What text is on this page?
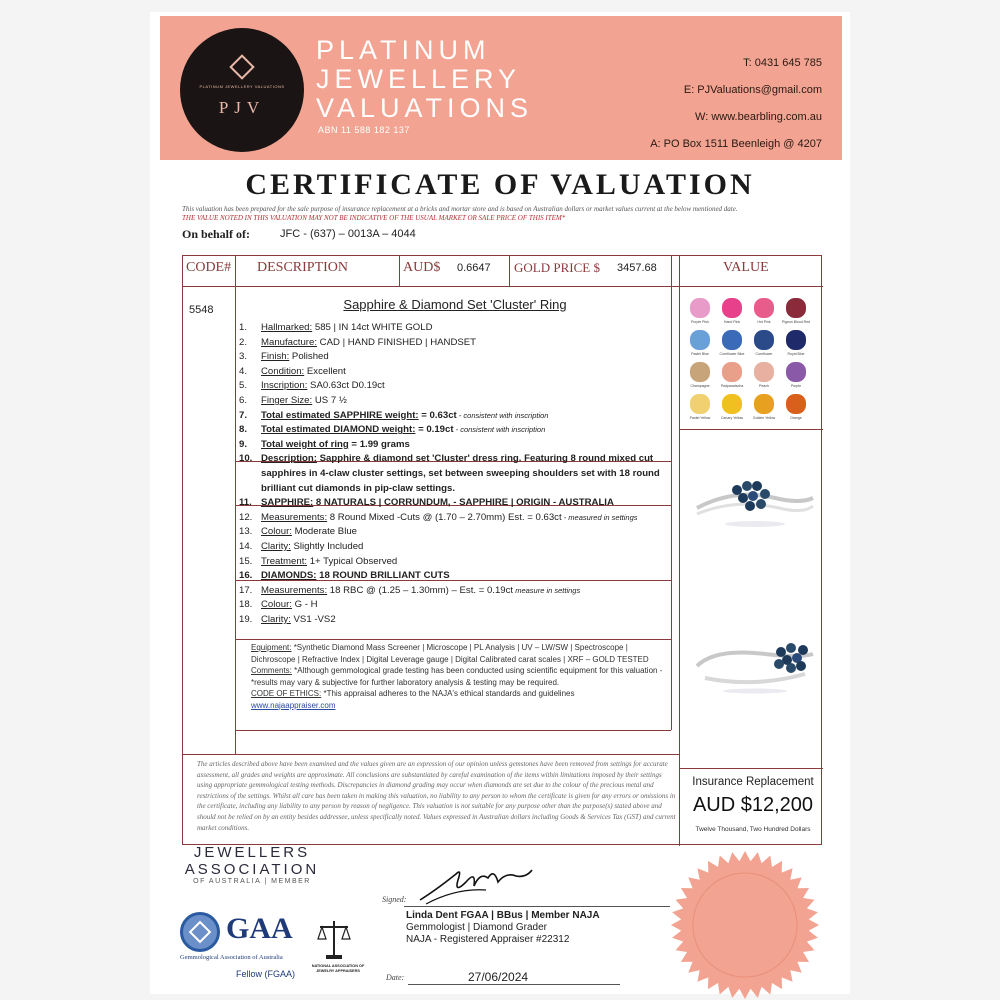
PLATINUM JEWELLERY VALUATIONS
PJV
PLATINUM
JEWELLERY
VALUATIONS
ABN 11 588 182 137
T: 0431 645 785
E: PJValuations@gmail.com
W: www.bearbling.com.au
A: PO Box 1511 Beenleigh @ 4207
CERTIFICATE OF VALUATION
This valuation has been prepared for the sale purpose of insurance replacement at a bricks and mortar store and is based on Australian dollars or market values current at the below mentioned date.
THE VALUE NOTED IN THIS VALUATION MAY NOT BE INDICATIVE OF THE USUAL MARKET OR SALE PRICE OF THIS ITEM*
On behalf of:	JFC - (637) – 0013A – 4044
CODE# DESCRIPTION	AUD$ 0.6647 GOLD PRICE $ 3457.68	VALUE
5548	Sapphire & Diamond Set 'Cluster' Ring
1.	Hallmarked: 585 | IN 14ct WHITE GOLD
2.	Manufacture: CAD | HAND FINISHED | HANDSET
3.	Finish: Polished
4.	Condition: Excellent
5.	Inscription: SA0.63ct D0.19ct
6.	Finger Size: US 7 ½
7.	Total estimated SAPPHIRE weight: = 0.63ct - consistent with inscription
8.	Total estimated DIAMOND weight: = 0.19ct - consistent with inscription
9.	Total weight of ring = 1.99 grams
10. Description: Sapphire & diamond set 'Cluster' dress ring. Featuring 8 round mixed cut sapphires in 4-claw cluster settings, set between sweeping shoulders set with 18 round brilliant cut diamonds in pip-claw settings.
11. SAPPHIRE: 8 NATURALS | CORRUNDUM, - SAPPHIRE | ORIGIN - AUSTRALIA
12. Measurements: 8 Round Mixed -Cuts @ (1.70 – 2.70mm) Est. = 0.63ct - measured in settings
13. Colour: Moderate Blue
14. Clarity: Slightly Included
15. Treatment: 1+ Typical Observed
16. DIAMONDS: 18 ROUND BRILLIANT CUTS
17. Measurements: 18 RBC @ (1.25 – 1.30mm) – Est. = 0.19ct measure in settings
18. Colour: G - H
19. Clarity: VS1 -VS2
Equipment: *Synthetic Diamond Mass Screener | Microscope | PL Analysis | UV – LW/SW | Spectroscope | Dichroscope | Refractive Index | Digital Leverage gauge | Digital Calibrated carat scales | XRF – GOLD TESTED
Comments: *Although gemmological grade testing has been conducted using scientific equipment for this valuation - *results may vary & subjective for further laboratory analysis & testing may be required.
CODE OF ETHICS: *This appraisal adheres to the NAJA's ethical standards and guidelines
www.najaappraiser.com
The articles described above have been examined and the values given are an expression of our opinion unless gemstones have been removed from settings for accurate assessment, all grades and weights are approximate. All conclusions are substantiated by careful examination of the items within limitations imposed by their settings using appropriate gemmological testing methods. Discrepancies in diamond grading may occur when diamonds are set due to the colour of the precious metal and restrictions of the settings. Whilst all care has been taken in making this valuation, no liability to any person to whom the certificate is given for any errors or omissions in the certificate, including any liability to any person by reason of negligence. This valuation is not suitable for any purpose other than the purpose(s) stated above and should not be relied on by an entity besides addressee, unless specifically noted. Values expressed in Australian dollars including Goods & Services Tax (GST) and current market conditions.
Purple Pink	Hand Pink	Hot Pink	Pigeon Blood Red
Pastel Blue	Cornflower Blue	Cornflower	Royal Blue
Champagne	Padparadscha	Peach	Purple
Pastel Yellow	Canary Yellow	Golden Yellow	Orange
Insurance Replacement
AUD $12,200
Twelve Thousand, Two Hundred Dollars
JEWELLERS
ASSOCIATION
OF AUSTRALIA | MEMBER
GAA
Gemmological Association of Australia
Fellow (FGAA)
NATIONAL ASSOCIATION OF JEWELRY APPRAISERS
Signed:
Linda Dent FGAA | BBus | Member NAJA
Gemmologist | Diamond Grader
NAJA - Registered Appraiser #22312
Date:	27/06/2024
